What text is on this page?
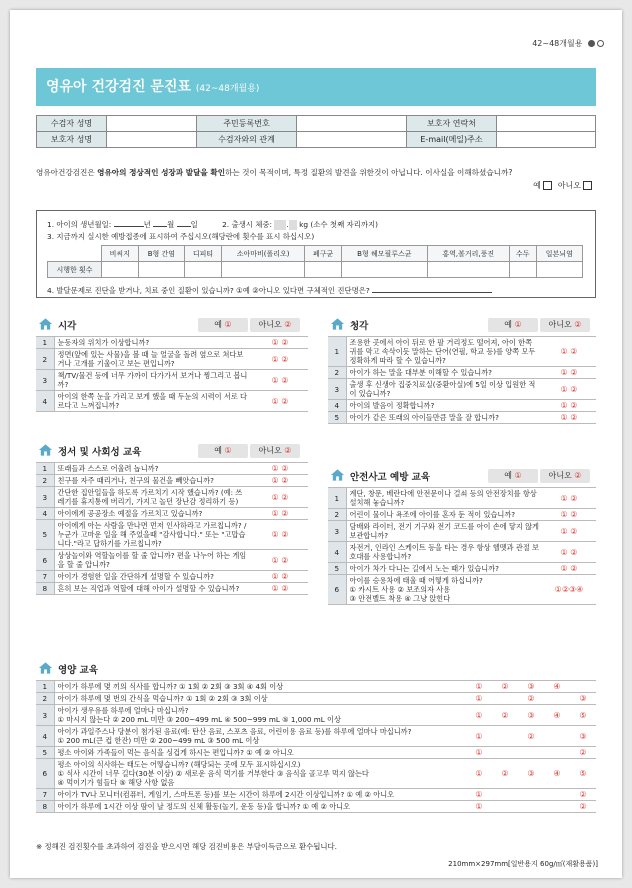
42~48개월용
영유아 건강검진 문진표 (42~48개월용)
수검자 성명		주민등록번호		보호자 연락처	
보호자 성명		수검자와의 관계		E-mail(메일)주소	
영유아건강검진은 영유아의 정상적인 성장과 발달을 확인하는 것이 목적이며, 특정 질환의 발견을 위한것이 아닙니다. 이사실을 이해하셨습니까?
예 아니오
1. 아이의 생년월일:	년 월 일	2. 출생시 체중: . kg (소수 첫째 자리까지)
3. 지금까지 실시한 예방접종에 표시하여 주십시오(해당란에 횟수를 표시 하십시오)
	비씨지	B형 간염	디피티	소아마비(폴리오)	폐구균	B형 헤모필루스균	홍역,볼거리,풍진	수두	일본뇌염
시행한 횟수									
4. 발달문제로 진단을 받거나, 치료 중인 질환이 있습니까? ①예 ②아니오 있다면 구체적인 진단명은?
시각	예 ①	아니오 ②
1	눈동자의 위치가 이상합니까?	① ②
2	정면(앞에 있는 사물)을 볼 때 늘 얼굴을 돌려 옆으로 쳐다보거나 고개를 기울이고 보는 편입니까?	① ②
3	책/TV/물건 등에 너무 가까이 다가가서 보거나 찡그리고 봅니까?	① ②
4	아이의 한쪽 눈을 가리고 보게 했을 때 두눈의 시력이 서로 다르다고 느껴집니까?	① ②
정서 및 사회성 교육	예 ①	아니오 ②
1	또래들과 스스로 어울려 놉니까?	① ②
2	친구를 자주 때리거나, 친구의 물건을 빼앗습니까?	① ②
3	간단한 집안일들을 하도록 가르치기 시작 했습니까? (예: 쓰레기를 휴지통에 버리기, 가지고 놀던 장난감 정리하기 등)	① ②
4	아이에게 공공장소 예절을 가르치고 있습니까?	① ②
5	아이에게 아는 사람을 만나면 먼저 인사하라고 가르칩니까? / 누군가 고마운 일을 해 주었을때 "감사합니다." 또는 "고맙습니다."라고 답하기를 가르칩니까?	① ②
6	상상놀이와 역할놀이를 할 줄 압니까? 편을 나누어 하는 게임을 할 줄 압니까?	① ②
7	아이가 경험한 일을 간단하게 설명할 수 있습니까?	① ②
8	흔히 보는 직업과 역할에 대해 아이가 설명할 수 있습니까?	① ②
청각	예 ①	아니오 ②
1	조용한 곳에서 아이 뒤로 한 팔 거리정도 떨어져, 아이 한쪽 귀를 막고 속삭이듯 말하는 단어(연필, 학교 등)를 양쪽 모두 정확하게 따라 할 수 있습니까?	① ②
2	아이가 하는 말을 대부분 이해할 수 있습니까?	① ②
3	출생 후 신생아 집중치료실(중환아실)에 5일 이상 입원한 적이 있습니까?	① ②
4	아이의 발음이 정확합니까?	① ②
5	아이가 같은 또래의 아이들만큼 말을 잘 합니까?	① ②
안전사고 예방 교육	예 ①	아니오 ②
1	계단, 창문, 베란다에 안전문이나 걸쇠 등의 안전장치를 항상 설치해 놓습니까?	① ②
2	어린이 물이나 욕조에 아이를 혼자 둔 적이 있습니까?	① ②
3	담배와 라이터, 전기 기구와 전기 코드를 아이 손에 닿지 않게 보관합니까?	① ②
4	자전거, 인라인 스케이트 등을 타는 경우 항상 헬멧과 관절 보호대를 사용합니까?	① ②
5	아이가 차가 다니는 길에서 노는 때가 있습니까?	① ②
6	아이를 승용차에 태울 때 어떻게 하십니까?
① 카시트 사용 ② 보조의자 사용
③ 안전벨트 착용 ④ 그냥 앉힌다	①②③④
영양 교육
1	아이가 하루에 몇 끼의 식사를 합니까? ① 1회 ② 2회 ③ 3회 ④ 4회 이상	①	②	③	④	
2	아이가 하루에 몇 번의 간식을 먹습니까? ① 1회 ② 2회 ③ 3회 이상	①		②		③
3	아이가 생우유를 하루에 얼마나 마십니까?
① 마시지 않는다 ② 200 mL 미만 ③ 200~499 mL ④ 500~999 mL ⑤ 1,000 mL 이상	①	②	③	④	⑤
4	아이가 과일주스나 당분이 첨가된 음료(예: 탄산 음료, 스포츠 음료, 어린이용 음료 등)를 하루에 얼마나 마십니까?
① 200 mL(큰 컵 한잔) 미만 ② 200~499 mL ③ 500 mL 이상	①		②		③
5	평소 아이와 가족들이 먹는 음식을 싱겁게 하시는 편입니까? ① 예 ② 아니오	①				②
6	평소 아이의 식사하는 태도는 어떻습니까? (해당되는 곳에 모두 표시하십시오)
① 식사 시간이 너무 길다(30분 이상) ② 새로운 음식 먹기를 거부한다 ③ 음식을 골고루 먹지 않는다
④ 먹이기가 힘들다 ⑤ 해당 사항 없음	①	②	③	④	⑤
7	아이가 TV나 모니터(컴퓨터, 게임기, 스마트폰 등)를 보는 시간이 하루에 2시간 이상입니까? ① 예 ② 아니오	①				②
8	아이가 하루에 1시간 이상 땀이 날 정도의 신체 활동(놀기, 운동 등)을 합니까? ① 예 ② 아니오	①				②
※ 정해진 검진횟수를 초과하여 검진을 받으시면 해당 검진비용은 부담이득금으로 환수됩니다.
210mm×297mm[일반용지 60g/㎡(재활용품)]
